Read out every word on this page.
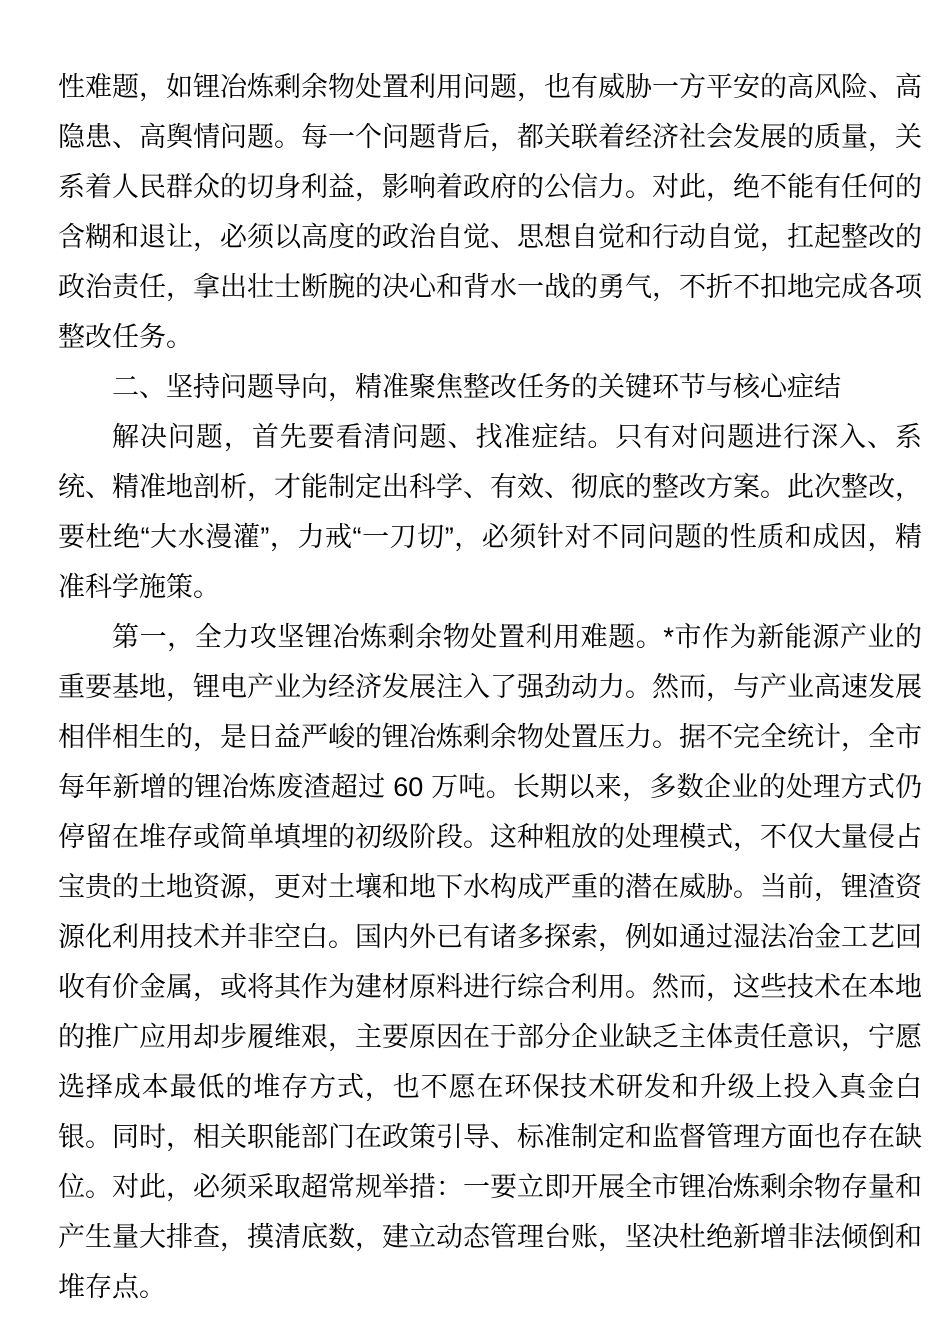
性难题，如锂冶炼剩余物处置利用问题，也有威胁一方平安的高风险、高隐患、高舆情问题。每一个问题背后，都关联着经济社会发展的质量，关系着人民群众的切身利益，影响着政府的公信力。对此，绝不能有任何的含糊和退让，必须以高度的政治自觉、思想自觉和行动自觉，扛起整改的政治责任，拿出壮士断腕的决心和背水一战的勇气，不折不扣地完成各项整改任务。

二、坚持问题导向，精准聚焦整改任务的关键环节与核心症结

解决问题，首先要看清问题、找准症结。只有对问题进行深入、系统、精准地剖析，才能制定出科学、有效、彻底的整改方案。此次整改，要杜绝“大水漫灌”，力戒“一刀切”，必须针对不同问题的性质和成因，精准科学施策。

第一，全力攻坚锂冶炼剩余物处置利用难题。*市作为新能源产业的重要基地，锂电产业为经济发展注入了强劲动力。然而，与产业高速发展相伴相生的，是日益严峻的锂冶炼剩余物处置压力。据不完全统计，全市每年新增的锂冶炼废渣超过 60 万吨。长期以来，多数企业的处理方式仍停留在堆存或简单填埋的初级阶段。这种粗放的处理模式，不仅大量侵占宝贵的土地资源，更对土壤和地下水构成严重的潜在威胁。当前，锂渣资源化利用技术并非空白。国内外已有诸多探索，例如通过湿法冶金工艺回收有价金属，或将其作为建材原料进行综合利用。然而，这些技术在本地的推广应用却步履维艰，主要原因在于部分企业缺乏主体责任意识，宁愿选择成本最低的堆存方式，也不愿在环保技术研发和升级上投入真金白银。同时，相关职能部门在政策引导、标准制定和监督管理方面也存在缺位。对此，必须采取超常规举措：一要立即开展全市锂冶炼剩余物存量和产生量大排查，摸清底数，建立动态管理台账，坚决杜绝新增非法倾倒和堆存点。
